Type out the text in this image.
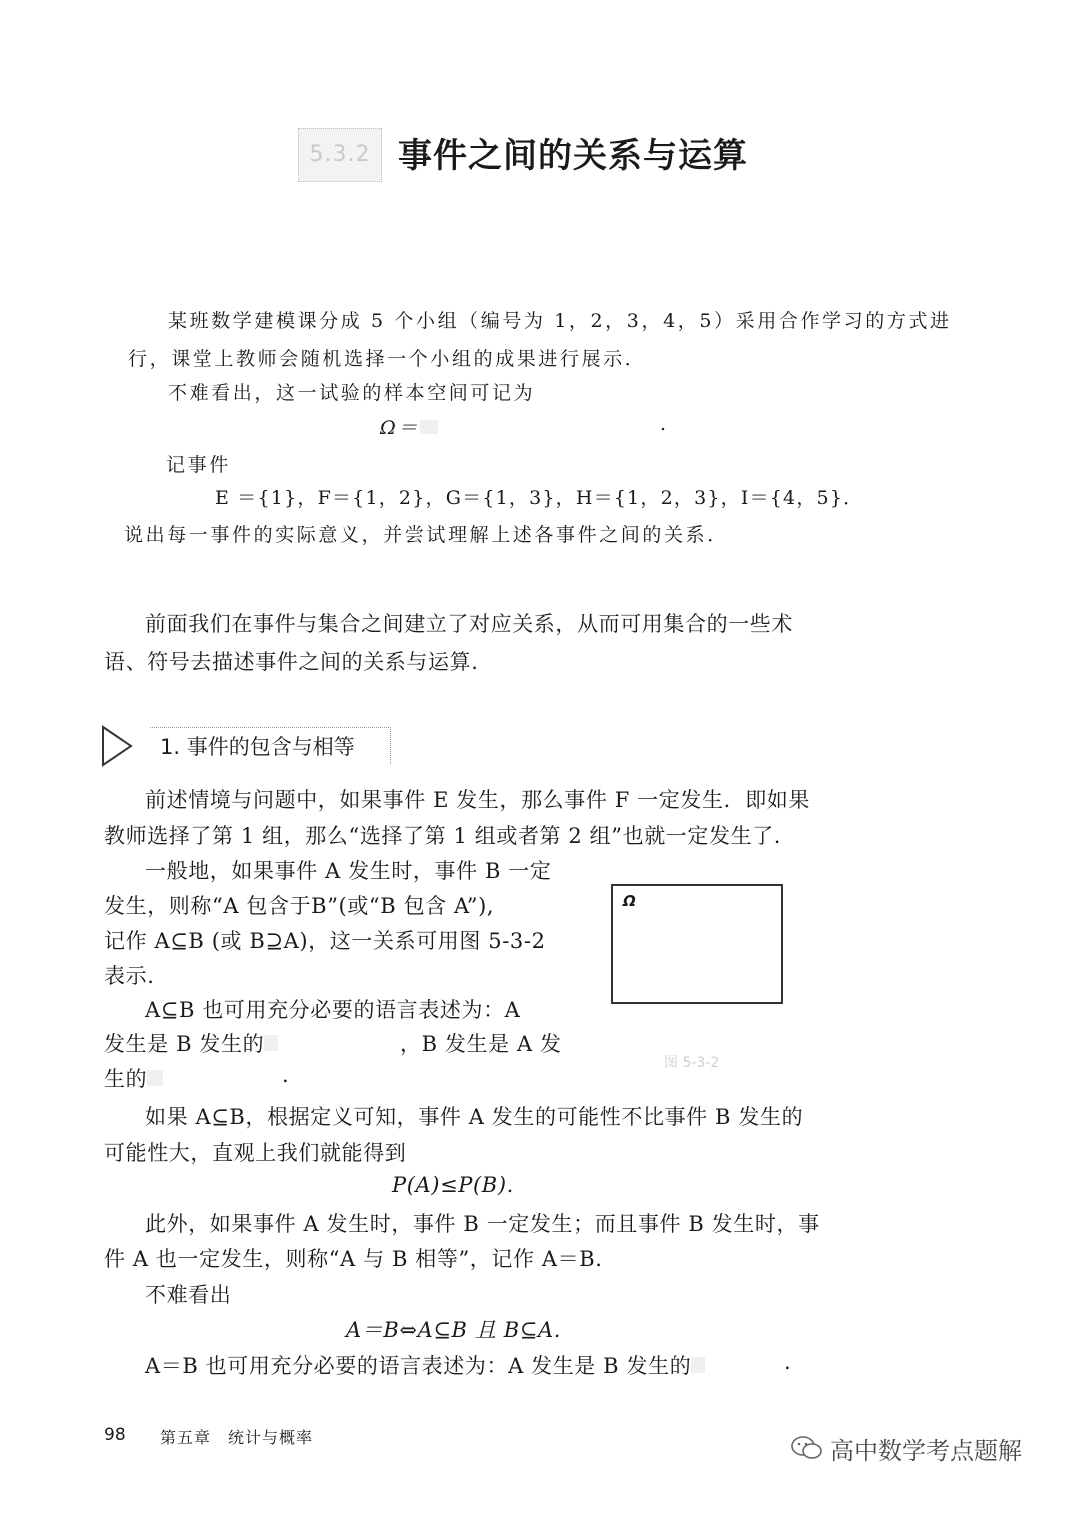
5.3.2 事件之间的关系与运算
某班数学建模课分成 5 个小组（编号为 1，2，3，4，5）采用合作学习的方式进
行，课堂上教师会随机选择一个小组的成果进行展示．
不难看出，这一试验的样本空间可记为
Ω＝	.
记事件
E ＝{1}，F＝{1，2}，G＝{1，3}，H＝{1，2，3}，I＝{4，5}．
说出每一事件的实际意义，并尝试理解上述各事件之间的关系．
前面我们在事件与集合之间建立了对应关系，从而可用集合的一些术
语、符号去描述事件之间的关系与运算.
1. 事件的包含与相等
前述情境与问题中，如果事件 E 发生，那么事件 F 一定发生．即如果
教师选择了第 1 组，那么“选择了第 1 组或者第 2 组”也就一定发生了.
一般地，如果事件 A 发生时，事件 B 一定
发生，则称“A 包含于B”(或“B 包含 A”),
记作 A⊆B (或 B⊇A)，这一关系可用图 5-3-2
表示.
A⊆B 也可用充分必要的语言表述为：A
发生是 B 发生的	，B 发生是 A 发
生的	.
如果 A⊆B，根据定义可知，事件 A 发生的可能性不比事件 B 发生的
可能性大，直观上我们就能得到
P(A)≤P(B).
此外，如果事件 A 发生时，事件 B 一定发生；而且事件 B 发生时，事
件 A 也一定发生，则称“A 与 B 相等”，记作 A＝B.
不难看出
A＝B⇔A⊆B 且 B⊆A.
A＝B 也可用充分必要的语言表述为：A 发生是 B 发生的	.
Ω
图 5-3-2
98 第五章　统计与概率	高中数学考点题解
